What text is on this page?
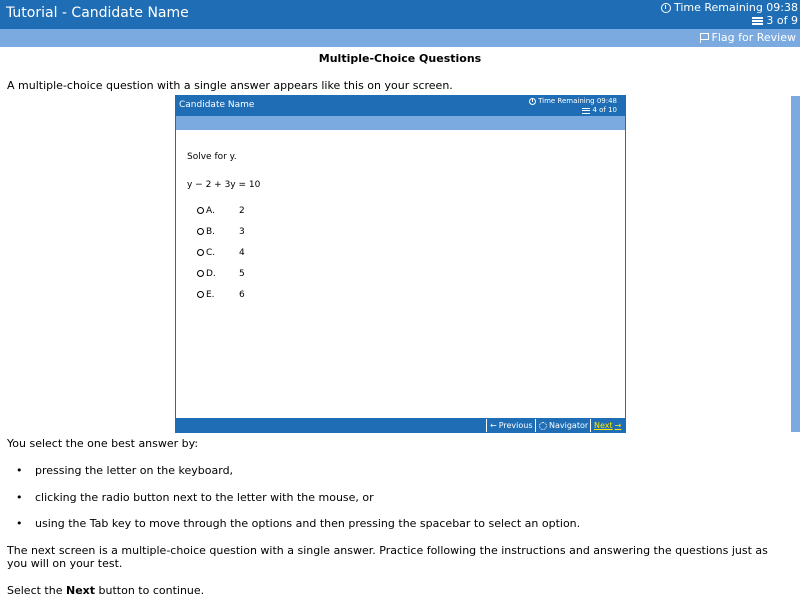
Tutorial - Candidate Name	Time Remaining 09:38
3 of 9
Flag for Review
Multiple-Choice Questions
A multiple-choice question with a single answer appears like this on your screen.
Candidate Name	Time Remaining 09:48
4 of 10
Solve for y.
y − 2 + 3y = 10
A.	2
B.	3
C.	4
D.	5
E.	6
← Previous Navigator Next →
You select the one best answer by:
pressing the letter on the keyboard,
clicking the radio button next to the letter with the mouse, or
using the Tab key to move through the options and then pressing the spacebar to select an option.
The next screen is a multiple-choice question with a single answer. Practice following the instructions and answering the questions just as you will on your test.
Select the Next button to continue.
